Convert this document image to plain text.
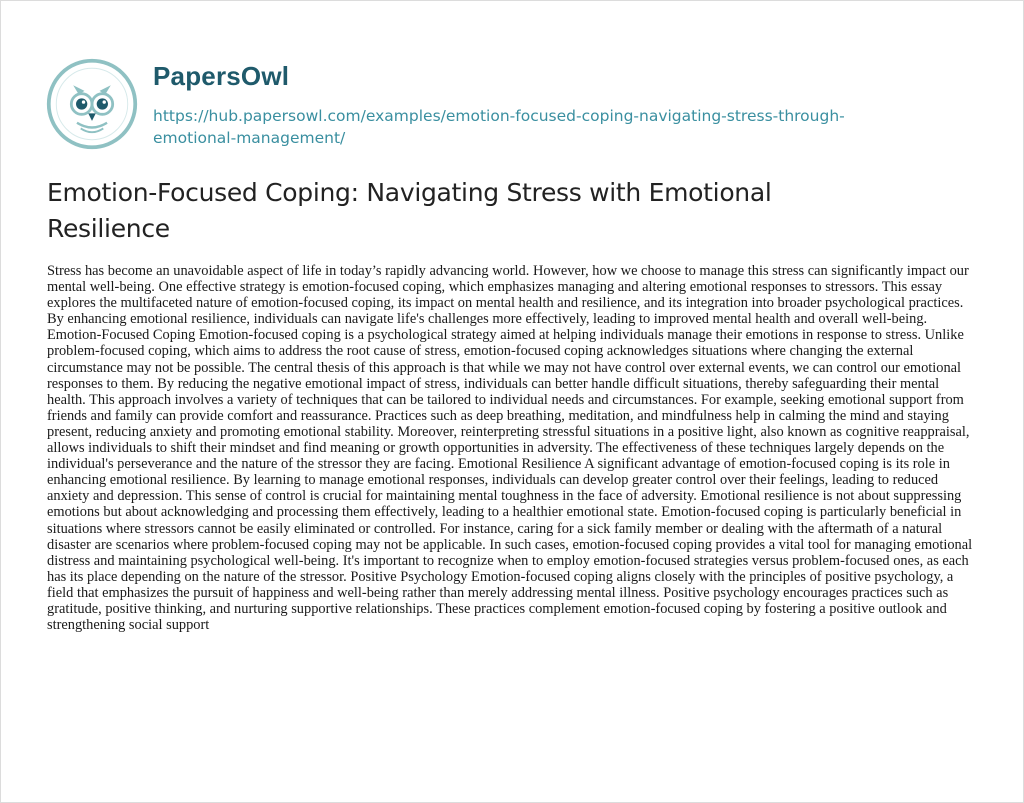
PapersOwl
https://hub.papersowl.com/examples/emotion-focused-coping-navigating-stress-through-emotional-management/
Emotion-Focused Coping: Navigating Stress with Emotional Resilience

Stress has become an unavoidable aspect of life in today’s rapidly advancing world. However, how we choose to manage this stress can significantly impact our mental well-being. One effective strategy is emotion-focused coping, which emphasizes managing and altering emotional responses to stressors. This essay explores the multifaceted nature of emotion-focused coping, its impact on mental health and resilience, and its integration into broader psychological practices. By enhancing emotional resilience, individuals can navigate life's challenges more effectively, leading to improved mental health and overall well-being. Emotion-Focused Coping Emotion-focused coping is a psychological strategy aimed at helping individuals manage their emotions in response to stress. Unlike problem-focused coping, which aims to address the root cause of stress, emotion-focused coping acknowledges situations where changing the external circumstance may not be possible. The central thesis of this approach is that while we may not have control over external events, we can control our emotional responses to them. By reducing the negative emotional impact of stress, individuals can better handle difficult situations, thereby safeguarding their mental health. This approach involves a variety of techniques that can be tailored to individual needs and circumstances. For example, seeking emotional support from friends and family can provide comfort and reassurance. Practices such as deep breathing, meditation, and mindfulness help in calming the mind and staying present, reducing anxiety and promoting emotional stability. Moreover, reinterpreting stressful situations in a positive light, also known as cognitive reappraisal, allows individuals to shift their mindset and find meaning or growth opportunities in adversity. The effectiveness of these techniques largely depends on the individual's perseverance and the nature of the stressor they are facing. Emotional Resilience A significant advantage of emotion-focused coping is its role in enhancing emotional resilience. By learning to manage emotional responses, individuals can develop greater control over their feelings, leading to reduced anxiety and depression. This sense of control is crucial for maintaining mental toughness in the face of adversity. Emotional resilience is not about suppressing emotions but about acknowledging and processing them effectively, leading to a healthier emotional state. Emotion-focused coping is particularly beneficial in situations where stressors cannot be easily eliminated or controlled. For instance, caring for a sick family member or dealing with the aftermath of a natural disaster are scenarios where problem-focused coping may not be applicable. In such cases, emotion-focused coping provides a vital tool for managing emotional distress and maintaining psychological well-being. It's important to recognize when to employ emotion-focused strategies versus problem-focused ones, as each has its place depending on the nature of the stressor. Positive Psychology Emotion-focused coping aligns closely with the principles of positive psychology, a field that emphasizes the pursuit of happiness and well-being rather than merely addressing mental illness. Positive psychology encourages practices such as gratitude, positive thinking, and nurturing supportive relationships. These practices complement emotion-focused coping by fostering a positive outlook and strengthening social support
